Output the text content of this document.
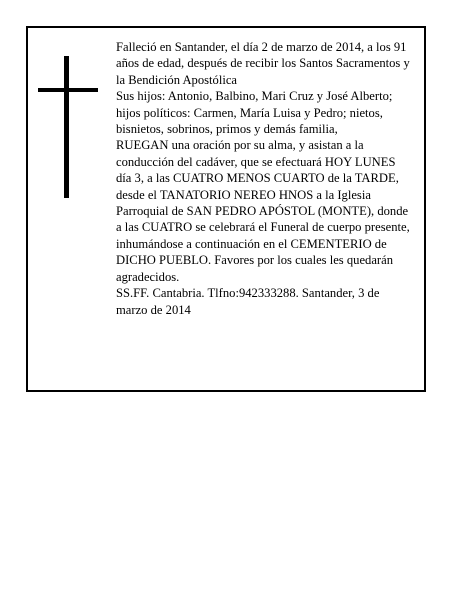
Falleció en Santander, el día 2 de marzo de 2014, a los 91 años de edad, después de recibir los Santos Sacramentos y la Bendición Apostólica

Sus hijos: Antonio, Balbino, Mari Cruz y José Alberto; hijos políticos: Carmen, María Luisa y Pedro; nietos, bisnietos, sobrinos, primos y demás familia,

RUEGAN una oración por su alma, y asistan a la conducción del cadáver, que se efectuará HOY LUNES día 3, a las CUATRO MENOS CUARTO de la TARDE, desde el TANATORIO NEREO HNOS a la Iglesia Parroquial de SAN PEDRO APÓSTOL (MONTE), donde a las CUATRO se celebrará el Funeral de cuerpo presente, inhumándose a continuación en el CEMENTERIO de DICHO PUEBLO. Favores por los cuales les quedarán agradecidos.

SS.FF. Cantabria. Tlfno:942333288. Santander, 3 de marzo de 2014
